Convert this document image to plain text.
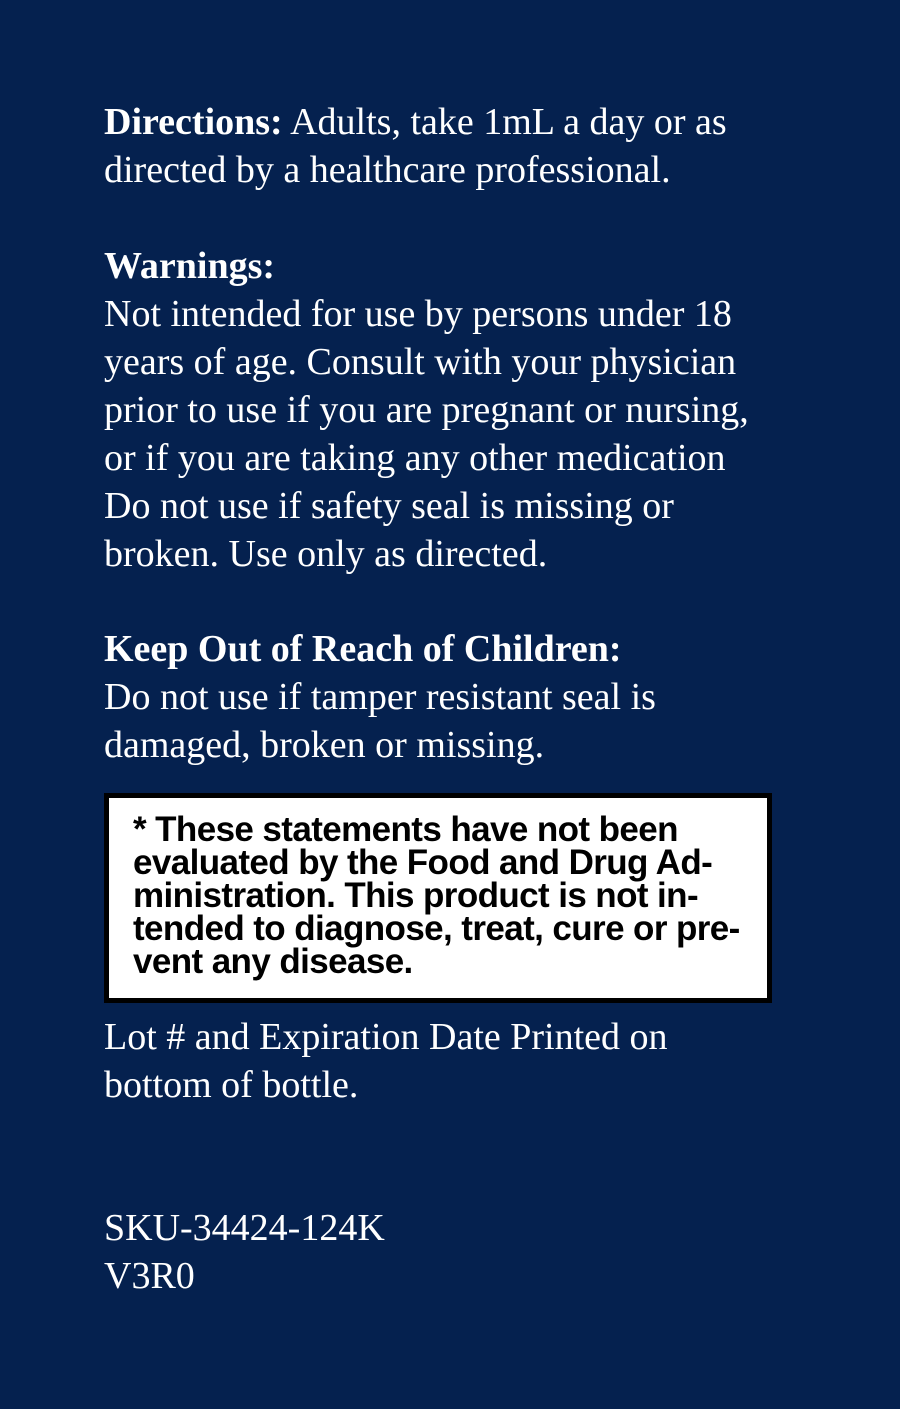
Directions: Adults, take 1mL a day or as
directed by a healthcare professional.
Warnings:
Not intended for use by persons under 18
years of age. Consult with your physician
prior to use if you are pregnant or nursing,
or if you are taking any other medication
Do not use if safety seal is missing or
broken. Use only as directed.
Keep Out of Reach of Children:
Do not use if tamper resistant seal is
damaged, broken or missing.
* These statements have not been
evaluated by the Food and Drug Ad-
ministration. This product is not in-
tended to diagnose, treat, cure or pre-
vent any disease.
Lot # and Expiration Date Printed on
bottom of bottle.
SKU-34424-124K
V3R0
